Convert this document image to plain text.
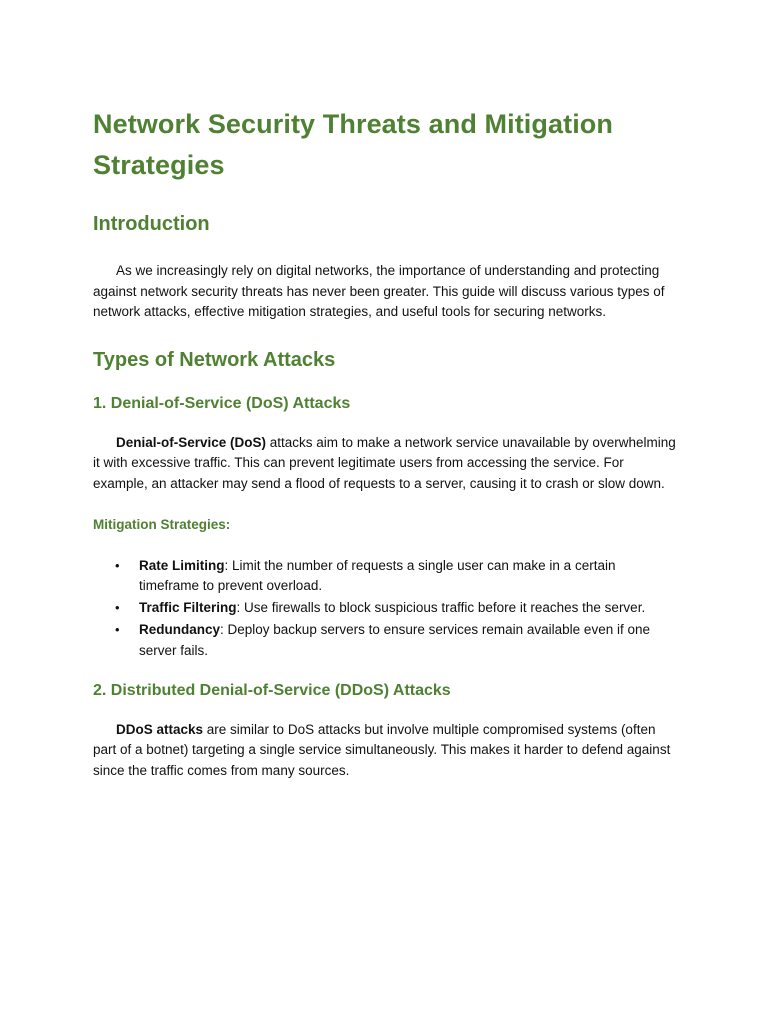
Network Security Threats and Mitigation Strategies
Introduction

As we increasingly rely on digital networks, the importance of understanding and protecting against network security threats has never been greater. This guide will discuss various types of network attacks, effective mitigation strategies, and useful tools for securing networks.

Types of Network Attacks
1. Denial-of-Service (DoS) Attacks

Denial-of-Service (DoS) attacks aim to make a network service unavailable by overwhelming it with excessive traffic. This can prevent legitimate users from accessing the service. For example, an attacker may send a flood of requests to a server, causing it to crash or slow down.

Mitigation Strategies:
• Rate Limiting: Limit the number of requests a single user can make in a certain timeframe to prevent overload.
• Traffic Filtering: Use firewalls to block suspicious traffic before it reaches the server.
• Redundancy: Deploy backup servers to ensure services remain available even if one server fails.
2. Distributed Denial-of-Service (DDoS) Attacks

DDoS attacks are similar to DoS attacks but involve multiple compromised systems (often part of a botnet) targeting a single service simultaneously. This makes it harder to defend against since the traffic comes from many sources.
